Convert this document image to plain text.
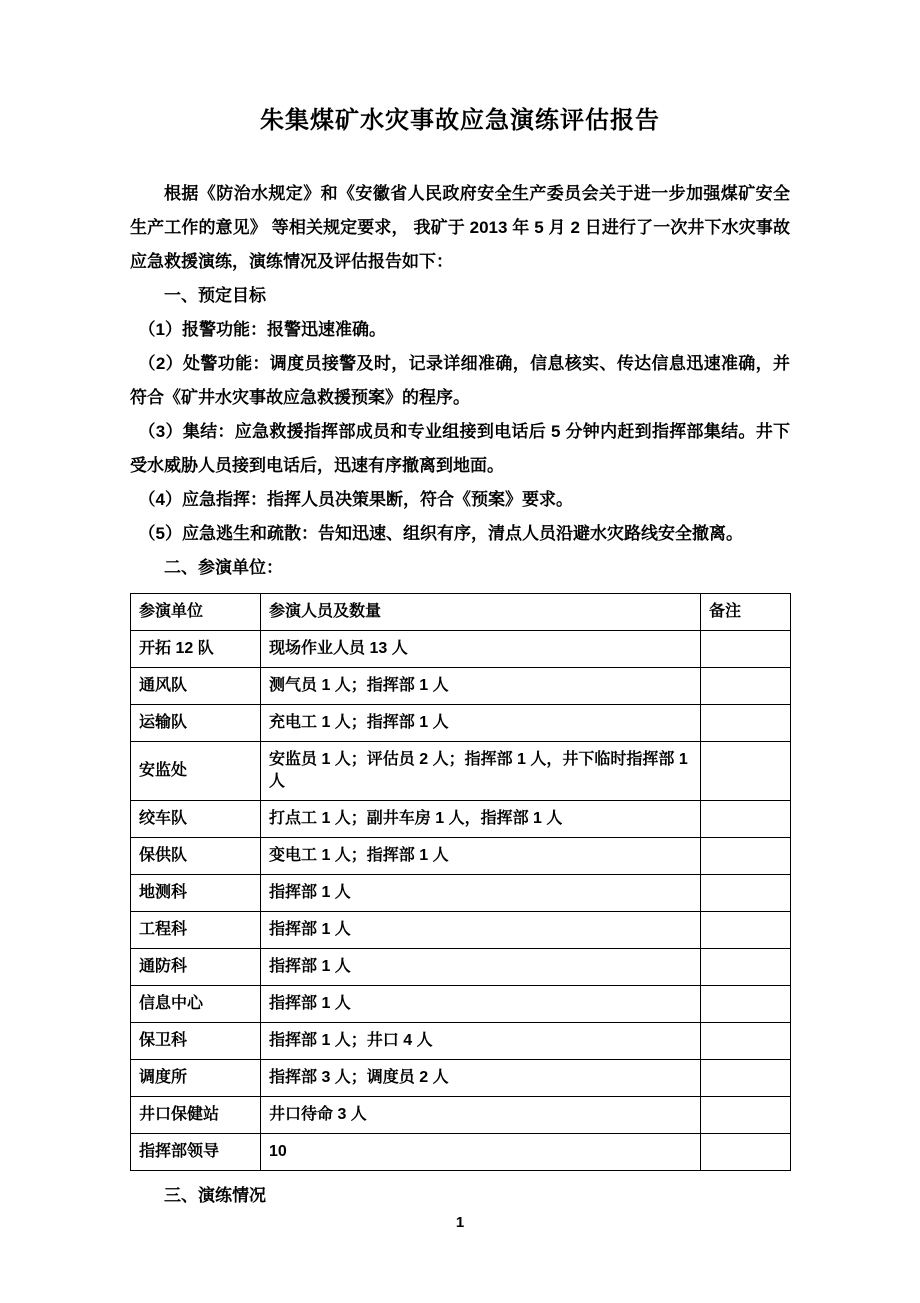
朱集煤矿水灾事故应急演练评估报告

根据《防治水规定》和《安徽省人民政府安全生产委员会关于进一步加强煤矿安全生产工作的意见》 等相关规定要求， 我矿于 2013 年 5 月 2 日进行了一次井下水灾事故应急救援演练，演练情况及评估报告如下：

一、预定目标

（1）报警功能：报警迅速准确。

（2）处警功能：调度员接警及时，记录详细准确，信息核实、传达信息迅速准确，并符合《矿井水灾事故应急救援预案》的程序。

（3）集结：应急救援指挥部成员和专业组接到电话后 5 分钟内赶到指挥部集结。井下受水威胁人员接到电话后，迅速有序撤离到地面。

（4）应急指挥：指挥人员决策果断，符合《预案》要求。

（5）应急逃生和疏散：告知迅速、组织有序，清点人员沿避水灾路线安全撤离。

二、参演单位：

参演单位	参演人员及数量	备注
开拓 12 队	现场作业人员 13 人	
通风队	测气员 1 人；指挥部 1 人	
运输队	充电工 1 人；指挥部 1 人	
安监处	安监员 1 人；评估员 2 人；指挥部 1 人，井下临时指挥部 1 人	
绞车队	打点工 1 人；副井车房 1 人，指挥部 1 人	
保供队	变电工 1 人；指挥部 1 人	
地测科	指挥部 1 人	
工程科	指挥部 1 人	
通防科	指挥部 1 人	
信息中心	指挥部 1 人	
保卫科	指挥部 1 人；井口 4 人	
调度所	指挥部 3 人；调度员 2 人	
井口保健站	井口待命 3 人	
指挥部领导	10	

三、演练情况

1
